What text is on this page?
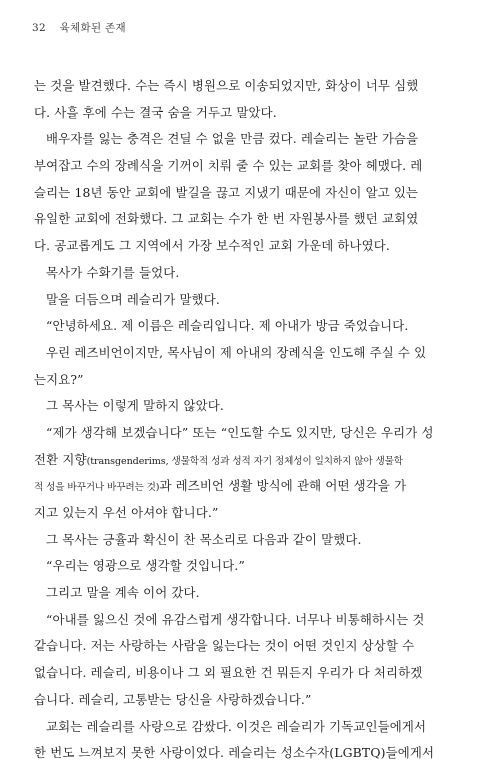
32 육체화된 존재
는 것을 발견했다. 수는 즉시 병원으로 이송되었지만, 화상이 너무 심했
다. 사흘 후에 수는 결국 숨을 거두고 말았다.
배우자를 잃는 충격은 견딜 수 없을 만큼 컸다. 레슬리는 놀란 가슴을
부여잡고 수의 장례식을 기꺼이 치뤄 줄 수 있는 교회를 찾아 헤맸다. 레
슬리는 18년 동안 교회에 발길을 끊고 지냈기 때문에 자신이 알고 있는
유일한 교회에 전화했다. 그 교회는 수가 한 번 자원봉사를 했던 교회였
다. 공교롭게도 그 지역에서 가장 보수적인 교회 가운데 하나였다.
목사가 수화기를 들었다.
말을 더듬으며 레슬리가 말했다.
“안녕하세요. 제 이름은 레슬리입니다. 제 아내가 방금 죽었습니다.
우린 레즈비언이지만, 목사님이 제 아내의 장례식을 인도해 주실 수 있
는지요?”
그 목사는 이렇게 말하지 않았다.
“제가 생각해 보겠습니다” 또는 “인도할 수도 있지만, 당신은 우리가 성
전환 지향(transgenderims, 생물학적 성과 성적 자기 정체성이 일치하지 않아 생물학
적 성을 바꾸거나 바꾸려는 것)과 레즈비언 생활 방식에 관해 어떤 생각을 가
지고 있는지 우선 아셔야 합니다.”
그 목사는 긍휼과 확신이 찬 목소리로 다음과 같이 말했다.
“우리는 영광으로 생각할 것입니다.”
그리고 말을 계속 이어 갔다.
“아내를 잃으신 것에 유감스럽게 생각합니다. 너무나 비통해하시는 것
같습니다. 저는 사랑하는 사람을 잃는다는 것이 어떤 것인지 상상할 수
없습니다. 레슬리, 비용이나 그 외 필요한 건 뭐든지 우리가 다 처리하겠
습니다. 레슬리, 고통받는 당신을 사랑하겠습니다.”
교회는 레슬리를 사랑으로 감쌌다. 이것은 레슬리가 기독교인들에게서
한 번도 느껴보지 못한 사랑이었다. 레슬리는 성소수자(LGBTQ)들에게서
